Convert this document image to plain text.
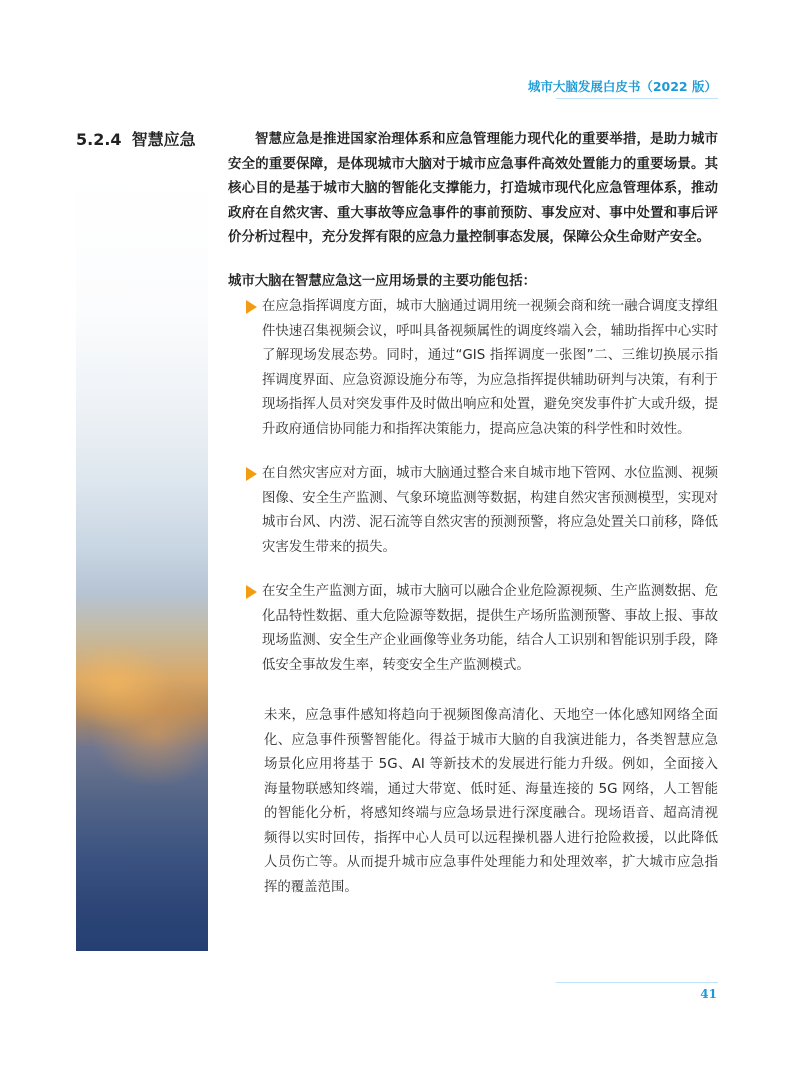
城市大脑发展白皮书（2022 版）
5.2.4 智慧应急	智慧应急是推进国家治理体系和应急管理能力现代化的重要举措，是助力城市安全的重要保障，是体现城市大脑对于城市应急事件高效处置能力的重要场景。其核心目的是基于城市大脑的智能化支撑能力，打造城市现代化应急管理体系，推动政府在自然灾害、重大事故等应急事件的事前预防、事发应对、事中处置和事后评价分析过程中，充分发挥有限的应急力量控制事态发展，保障公众生命财产安全。
城市大脑在智慧应急这一应用场景的主要功能包括：
在应急指挥调度方面，城市大脑通过调用统一视频会商和统一融合调度支撑组件快速召集视频会议，呼叫具备视频属性的调度终端入会，辅助指挥中心实时了解现场发展态势。同时，通过“GIS 指挥调度一张图”二、三维切换展示指挥调度界面、应急资源设施分布等，为应急指挥提供辅助研判与决策，有利于现场指挥人员对突发事件及时做出响应和处置，避免突发事件扩大或升级，提升政府通信协同能力和指挥决策能力，提高应急决策的科学性和时效性。
在自然灾害应对方面，城市大脑通过整合来自城市地下管网、水位监测、视频图像、安全生产监测、气象环境监测等数据，构建自然灾害预测模型，实现对城市台风、内涝、泥石流等自然灾害的预测预警，将应急处置关口前移，降低灾害发生带来的损失。
在安全生产监测方面，城市大脑可以融合企业危险源视频、生产监测数据、危化品特性数据、重大危险源等数据，提供生产场所监测预警、事故上报、事故现场监测、安全生产企业画像等业务功能，结合人工识别和智能识别手段，降低安全事故发生率，转变安全生产监测模式。
未来，应急事件感知将趋向于视频图像高清化、天地空一体化感知网络全面化、应急事件预警智能化。得益于城市大脑的自我演进能力，各类智慧应急场景化应用将基于 5G、AI 等新技术的发展进行能力升级。例如，全面接入海量物联感知终端，通过大带宽、低时延、海量连接的 5G 网络，人工智能的智能化分析，将感知终端与应急场景进行深度融合。现场语音、超高清视频得以实时回传，指挥中心人员可以远程操机器人进行抢险救援，以此降低人员伤亡等。从而提升城市应急事件处理能力和处理效率，扩大城市应急指挥的覆盖范围。
41
